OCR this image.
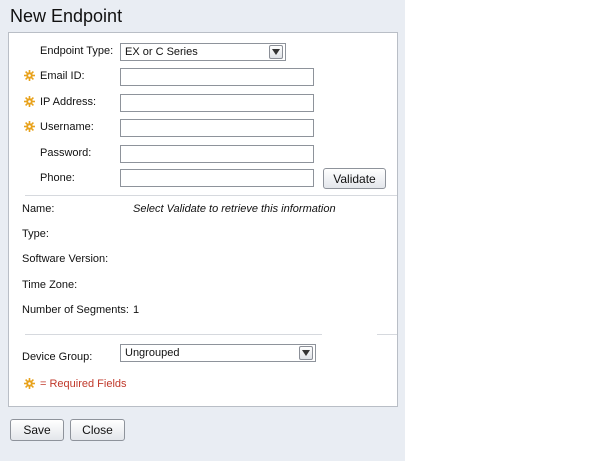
New Endpoint
Endpoint Type: EX or C Series
Email ID:
IP Address:
Username:
Password:
Phone:	Validate
Name:	Select Validate to retrieve this information
Type:
Software Version:
Time Zone:
Number of Segments: 1
Device Group:	Ungrouped
= Required Fields
Save	Close
